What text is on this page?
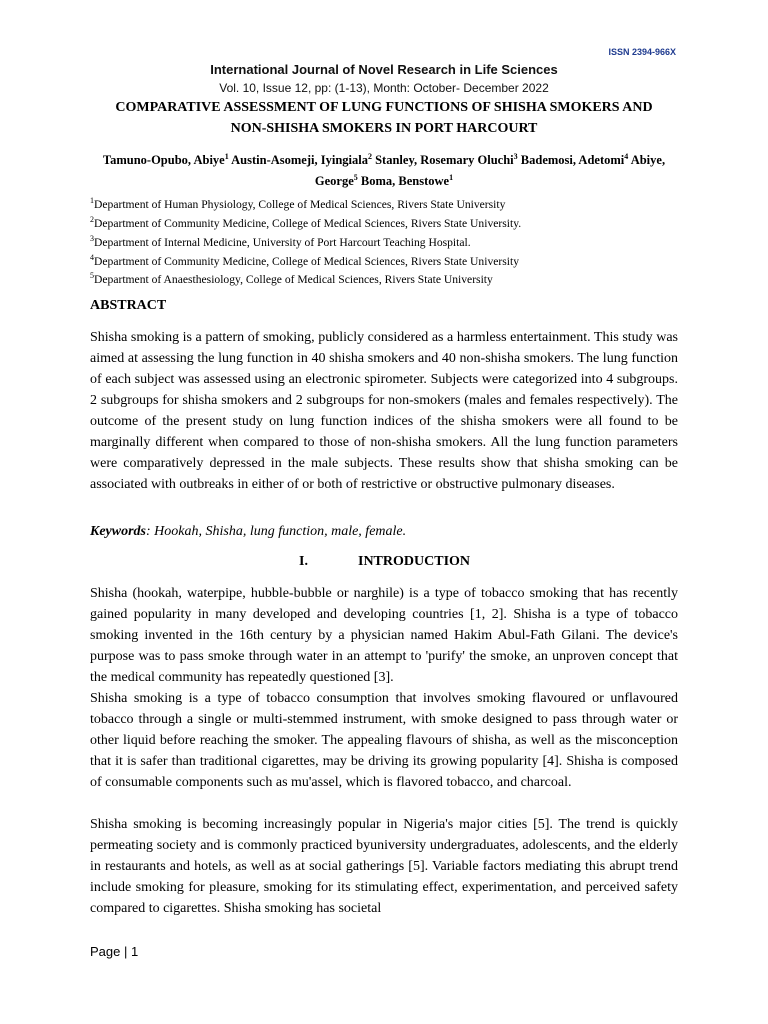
ISSN 2394-966X
International Journal of Novel Research in Life Sciences
Vol. 10, Issue 12, pp: (1-13), Month: October- December 2022
COMPARATIVE ASSESSMENT OF LUNG FUNCTIONS OF SHISHA SMOKERS AND
NON-SHISHA SMOKERS IN PORT HARCOURT
Tamuno-Opubo, Abiye$^1$ Austin-Asomeji, Iyingiala$^2$ Stanley, Rosemary Oluchi$^3$ Bademosi, Adetomi$^4$ Abiye, George$^5$ Boma, Benstowe$^1$
$^1$Department of Human Physiology, College of Medical Sciences, Rivers State University
$^2$Department of Community Medicine, College of Medical Sciences, Rivers State University.
$^3$Department of Internal Medicine, University of Port Harcourt Teaching Hospital.
$^4$Department of Community Medicine, College of Medical Sciences, Rivers State University
$^5$Department of Anaesthesiology, College of Medical Sciences, Rivers State University
ABSTRACT
Shisha smoking is a pattern of smoking, publicly considered as a harmless entertainment. This study was aimed at assessing the lung function in 40 shisha smokers and 40 non-shisha smokers. The lung function of each subject was assessed using an electronic spirometer. Subjects were categorized into 4 subgroups. 2 subgroups for shisha smokers and 2 subgroups for non-smokers (males and females respectively). The outcome of the present study on lung function indices of the shisha smokers were all found to be marginally different when compared to those of non-shisha smokers. All the lung function parameters were comparatively depressed in the male subjects. These results show that shisha smoking can be associated with outbreaks in either of or both of restrictive or obstructive pulmonary diseases.
Keywords: Hookah, Shisha, lung function, male, female.
I.	INTRODUCTION
Shisha (hookah, waterpipe, hubble-bubble or narghile) is a type of tobacco smoking that has recently gained popularity in many developed and developing countries [1, 2]. Shisha is a type of tobacco smoking invented in the 16th century by a physician named Hakim Abul-Fath Gilani. The device's purpose was to pass smoke through water in an attempt to 'purify' the smoke, an unproven concept that the medical community has repeatedly questioned [3].
Shisha smoking is a type of tobacco consumption that involves smoking flavoured or unflavoured tobacco through a single or multi-stemmed instrument, with smoke designed to pass through water or other liquid before reaching the smoker. The appealing flavours of shisha, as well as the misconception that it is safer than traditional cigarettes, may be driving its growing popularity [4]. Shisha is composed of consumable components such as mu'assel, which is flavored tobacco, and charcoal.
Shisha smoking is becoming increasingly popular in Nigeria's major cities [5]. The trend is quickly permeating society and is commonly practiced byuniversity undergraduates, adolescents, and the elderly in restaurants and hotels, as well as at social gatherings [5]. Variable factors mediating this abrupt trend include smoking for pleasure, smoking for its stimulating effect, experimentation, and perceived safety compared to cigarettes. Shisha smoking has societal
Page | 1
